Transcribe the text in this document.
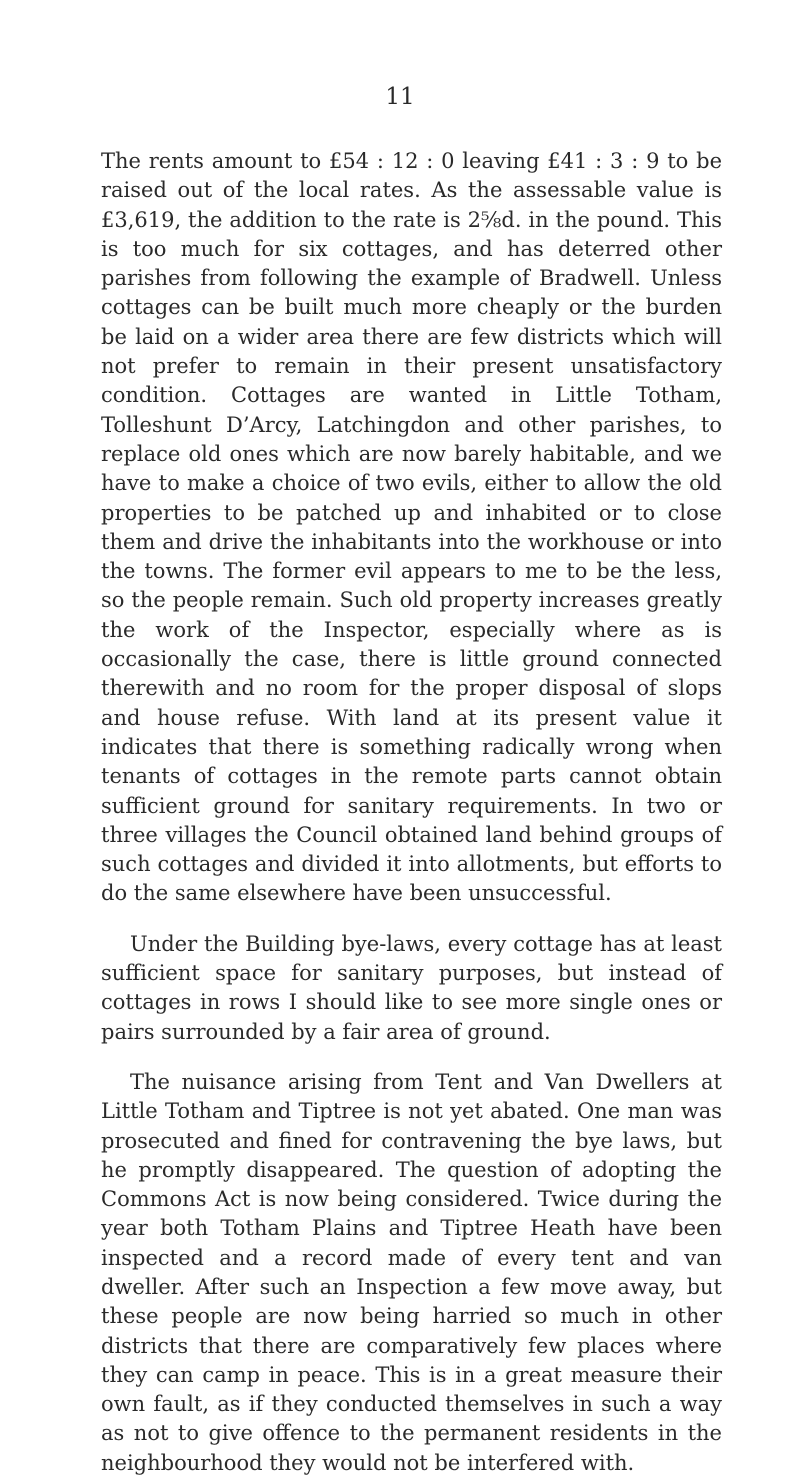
11

The rents amount to £54 : 12 : 0 leaving £41 : 3 : 9 to be raised out of the local rates. As the assessable value is £3,619, the addition to the rate is 2⅝d. in the pound. This is too much for six cottages, and has deterred other parishes from following the example of Bradwell. Unless cottages can be built much more cheaply or the burden be laid on a wider area there are few districts which will not prefer to remain in their present unsatisfactory condition. Cottages are wanted in Little Totham, Tolleshunt D’Arcy, Latchingdon and other parishes, to replace old ones which are now barely habitable, and we have to make a choice of two evils, either to allow the old properties to be patched up and inhabited or to close them and drive the inhabitants into the workhouse or into the towns. The former evil appears to me to be the less, so the people remain. Such old property increases greatly the work of the Inspector, especially where as is occasionally the case, there is little ground connected therewith and no room for the proper disposal of slops and house refuse. With land at its present value it indicates that there is something radically wrong when tenants of cottages in the remote parts cannot obtain sufficient ground for sanitary requirements. In two or three villages the Council obtained land behind groups of such cottages and divided it into allotments, but efforts to do the same elsewhere have been unsuccessful.

Under the Building bye-laws, every cottage has at least sufficient space for sanitary purposes, but instead of cottages in rows I should like to see more single ones or pairs surrounded by a fair area of ground.

The nuisance arising from Tent and Van Dwellers at Little Totham and Tiptree is not yet abated. One man was prosecuted and fined for contravening the bye laws, but he promptly disappeared. The question of adopting the Commons Act is now being considered. Twice during the year both Totham Plains and Tiptree Heath have been inspected and a record made of every tent and van dweller. After such an Inspection a few move away, but these people are now being harried so much in other districts that there are comparatively few places where they can camp in peace. This is in a great measure their own fault, as if they conducted themselves in such a way as not to give offence to the permanent residents in the neighbourhood they would not be interfered with.
